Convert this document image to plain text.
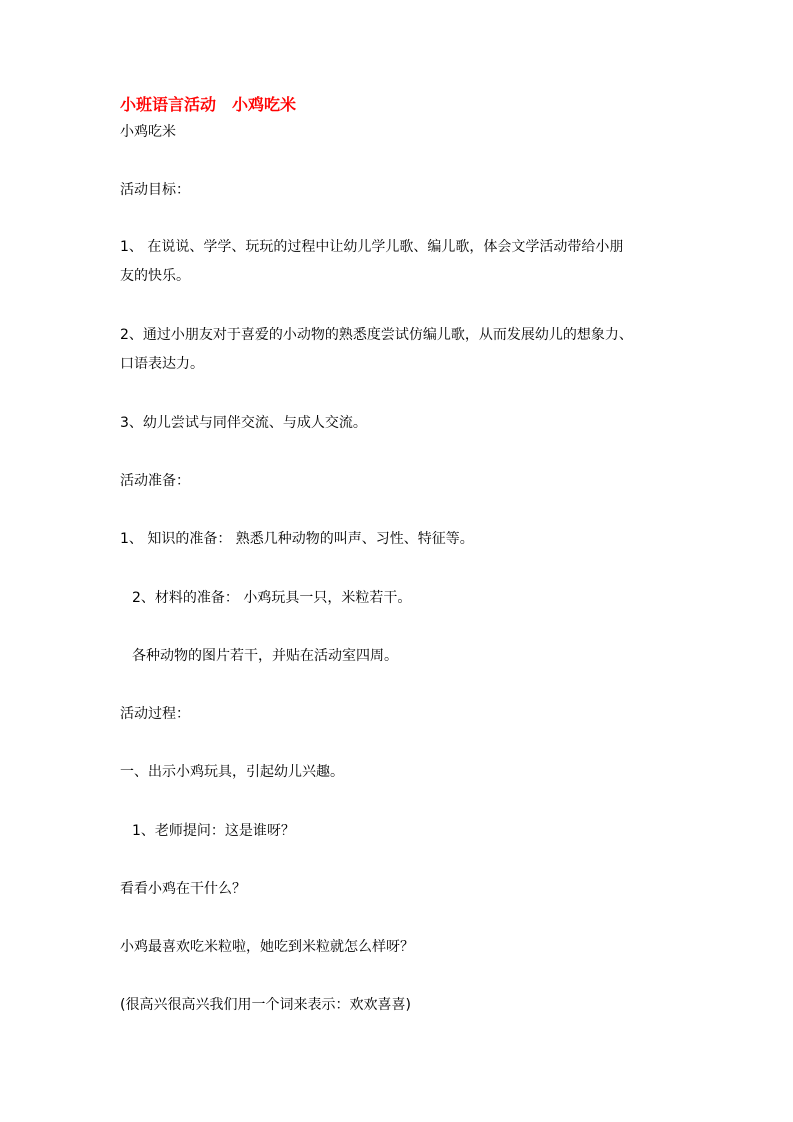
小班语言活动　小鸡吃米
小鸡吃米
活动目标：
1、 在说说、学学、玩玩的过程中让幼儿学儿歌、编儿歌，体会文学活动带给小朋
友的快乐。
2、通过小朋友对于喜爱的小动物的熟悉度尝试仿编儿歌，从而发展幼儿的想象力、
口语表达力。
3、幼儿尝试与同伴交流、与成人交流。
活动准备：
1、 知识的准备： 熟悉几种动物的叫声、习性、特征等。
2、材料的准备： 小鸡玩具一只，米粒若干。
各种动物的图片若干，并贴在活动室四周。
活动过程：
一、出示小鸡玩具，引起幼儿兴趣。
1、老师提问：这是谁呀？
看看小鸡在干什么？
小鸡最喜欢吃米粒啦，她吃到米粒就怎么样呀？
(很高兴很高兴我们用一个词来表示：欢欢喜喜)
